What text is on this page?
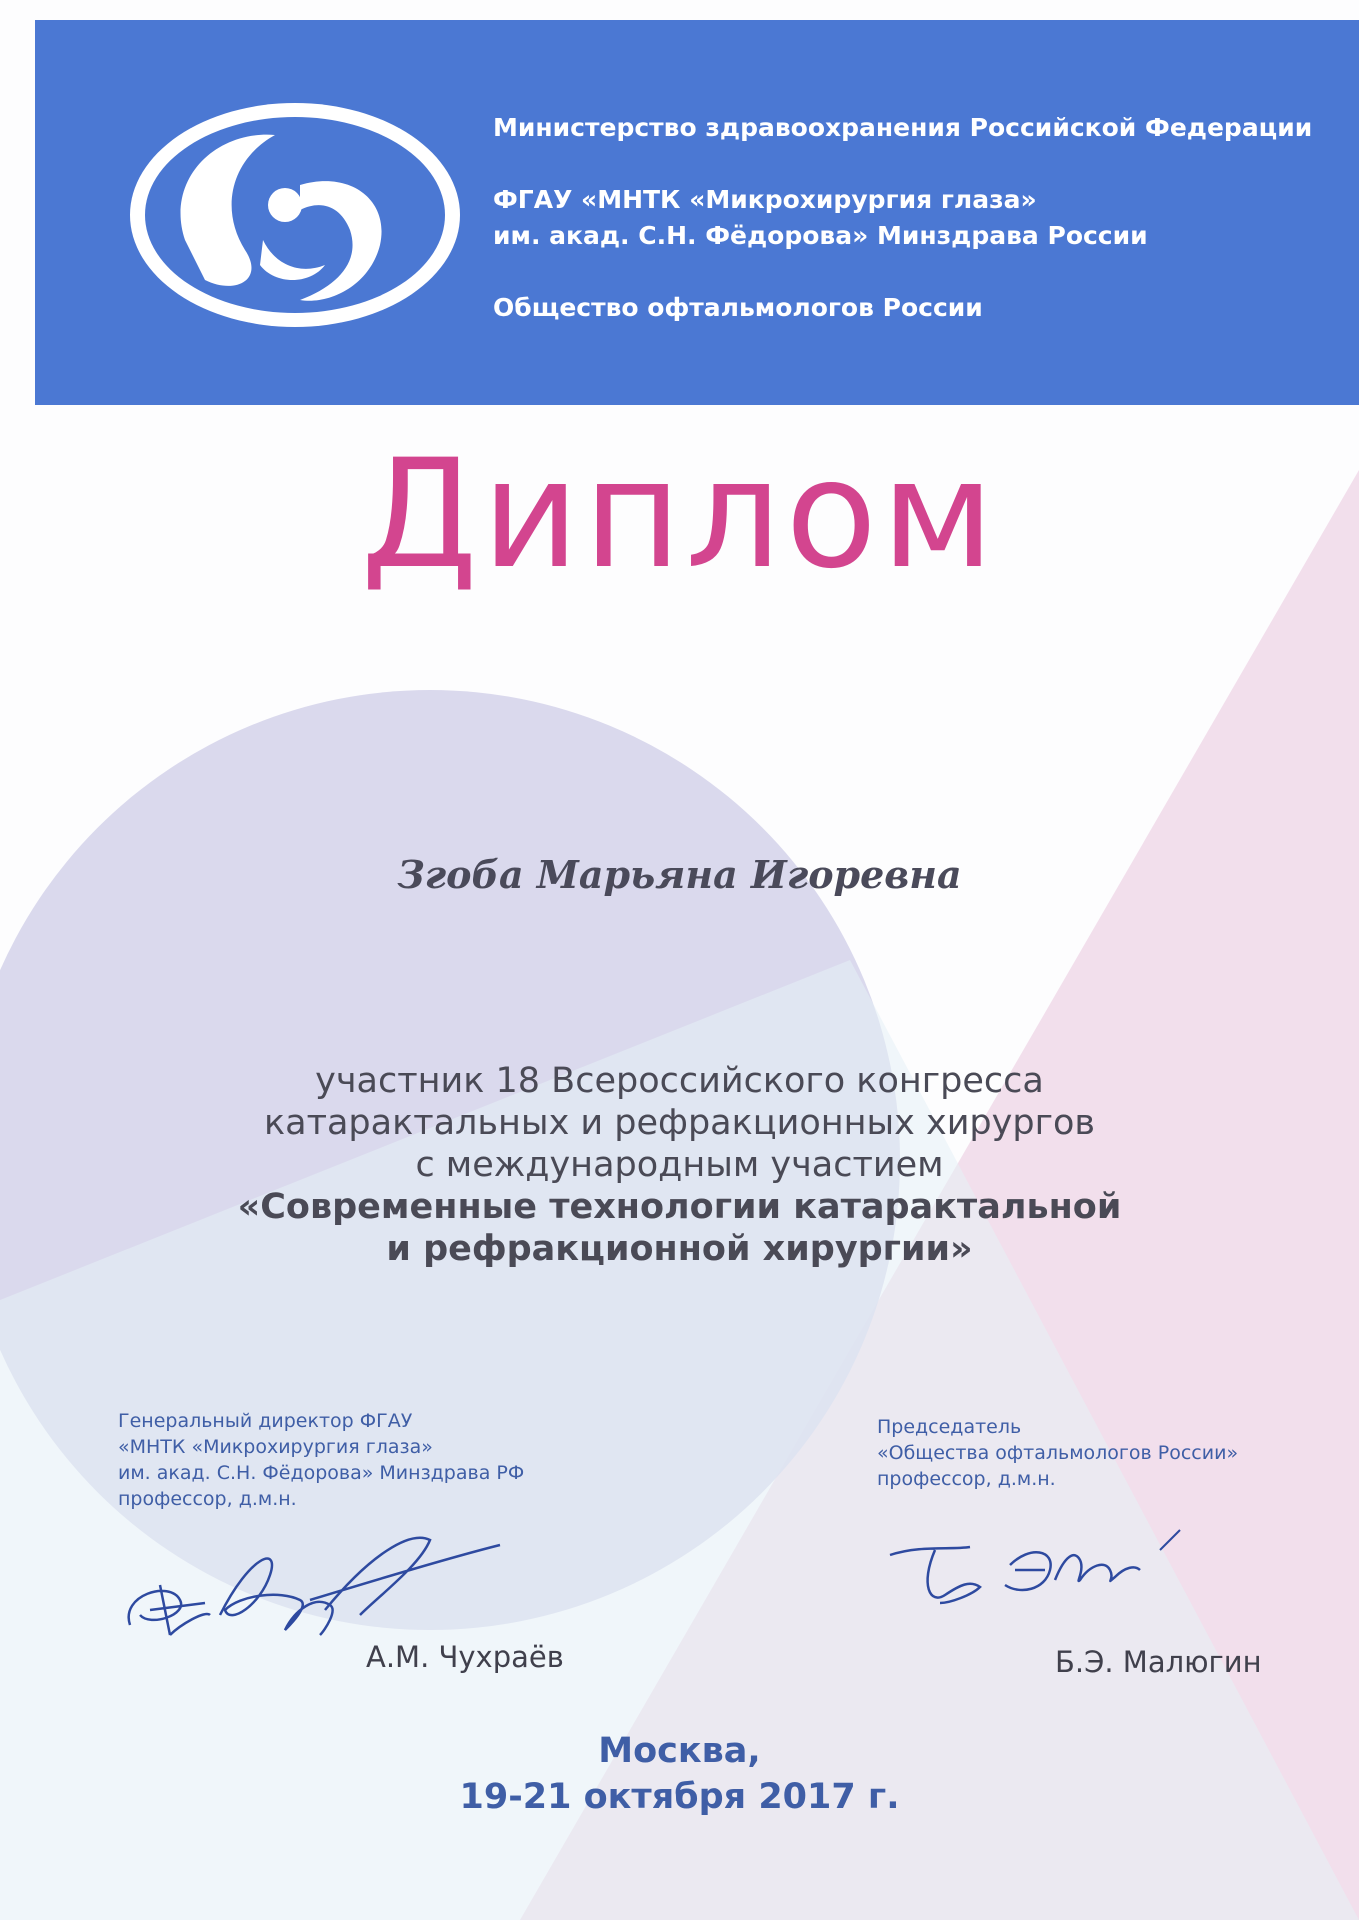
Министерство здравоохранения Российской Федерации
ФГАУ «МНТК «Микрохирургия глаза»
им. акад. С.Н. Фёдорова» Минздрава России
Общество офтальмологов России
Диплом
Згоба Марьяна Игоревна
участник 18 Всероссийского конгресса
катарактальных и рефракционных хирургов
с международным участием
«Современные технологии катарактальной
и рефракционной хирургии»
Генеральный директор ФГАУ
«МНТК «Микрохирургия глаза»
им. акад. С.Н. Фёдорова» Минздрава РФ
профессор, д.м.н.
Председатель
«Общества офтальмологов России»
профессор, д.м.н.
А.М. Чухраёв	Б.Э. Малюгин
Москва,
19-21 октября 2017 г.
